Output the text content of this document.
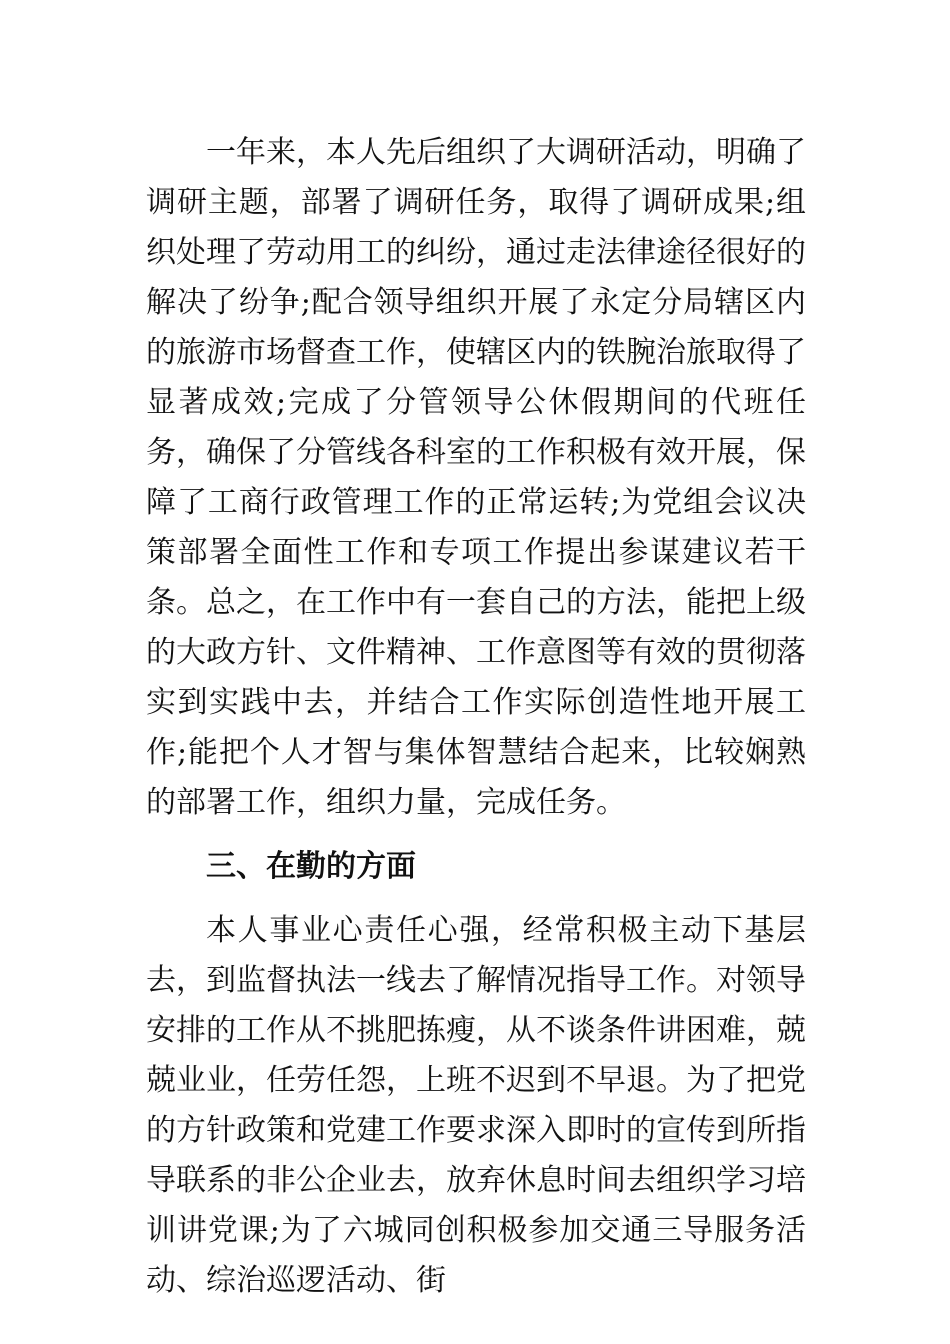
一年来，本人先后组织了大调研活动，明确了调研主题，部署了调研任务，取得了调研成果;组织处理了劳动用工的纠纷，通过走法律途径很好的解决了纷争;配合领导组织开展了永定分局辖区内的旅游市场督查工作，使辖区内的铁腕治旅取得了显著成效;完成了分管领导公休假期间的代班任务，确保了分管线各科室的工作积极有效开展，保障了工商行政管理工作的正常运转;为党组会议决策部署全面性工作和专项工作提出参谋建议若干条。总之，在工作中有一套自己的方法，能把上级的大政方针、文件精神、工作意图等有效的贯彻落实到实践中去，并结合工作实际创造性地开展工作;能把个人才智与集体智慧结合起来，比较娴熟的部署工作，组织力量，完成任务。

三、在勤的方面

本人事业心责任心强，经常积极主动下基层去，到监督执法一线去了解情况指导工作。对领导安排的工作从不挑肥拣瘦，从不谈条件讲困难，兢兢业业，任劳任怨，上班不迟到不早退。为了把党的方针政策和党建工作要求深入即时的宣传到所指导联系的非公企业去，放弃休息时间去组织学习培训讲党课;为了六城同创积极参加交通三导服务活动、综治巡逻活动、街
